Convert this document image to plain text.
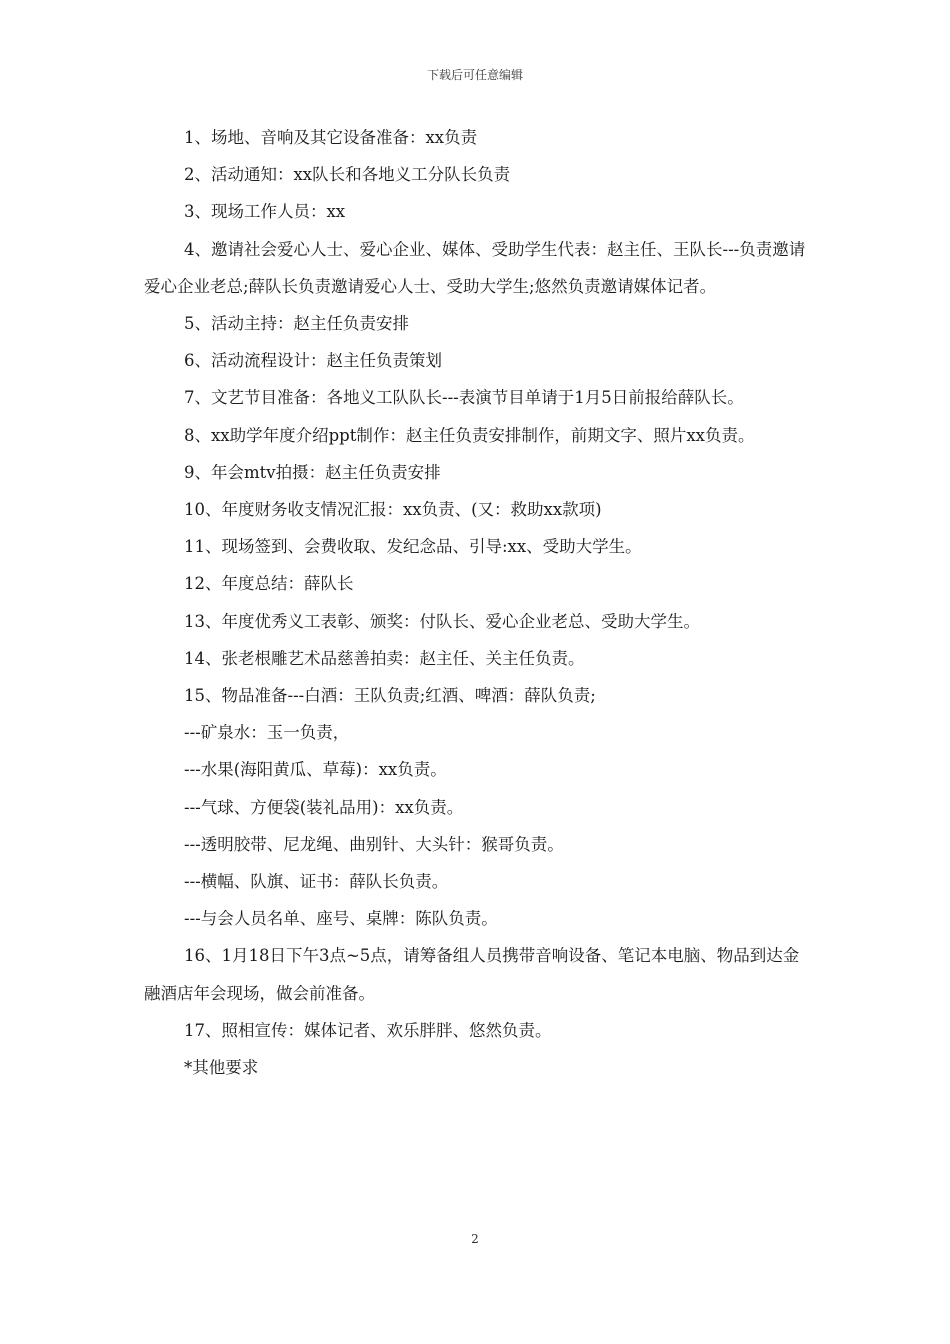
下载后可任意编辑

1、场地、音响及其它设备准备：xx负责

2、活动通知：xx队长和各地义工分队长负责

3、现场工作人员：xx

4、邀请社会爱心人士、爱心企业、媒体、受助学生代表：赵主任、王队长---负责邀请爱心企业老总;薛队长负责邀请爱心人士、受助大学生;悠然负责邀请媒体记者。

5、活动主持：赵主任负责安排

6、活动流程设计：赵主任负责策划

7、文艺节目准备：各地义工队队长---表演节目单请于1月5日前报给薛队长。

8、xx助学年度介绍ppt制作：赵主任负责安排制作，前期文字、照片xx负责。

9、年会mtv拍摄：赵主任负责安排

10、年度财务收支情况汇报：xx负责、(又：救助xx款项)

11、现场签到、会费收取、发纪念品、引导:xx、受助大学生。

12、年度总结：薛队长

13、年度优秀义工表彰、颁奖：付队长、爱心企业老总、受助大学生。

14、张老根雕艺术品慈善拍卖：赵主任、关主任负责。

15、物品准备---白酒：王队负责;红酒、啤酒：薛队负责;

---矿泉水：玉一负责，

---水果(海阳黄瓜、草莓)：xx负责。

---气球、方便袋(装礼品用)：xx负责。

---透明胶带、尼龙绳、曲别针、大头针：猴哥负责。

---横幅、队旗、证书：薛队长负责。

---与会人员名单、座号、桌牌：陈队负责。

16、1月18日下午3点~5点，请筹备组人员携带音响设备、笔记本电脑、物品到达金融酒店年会现场，做会前准备。

17、照相宣传：媒体记者、欢乐胖胖、悠然负责。

*其他要求

2
